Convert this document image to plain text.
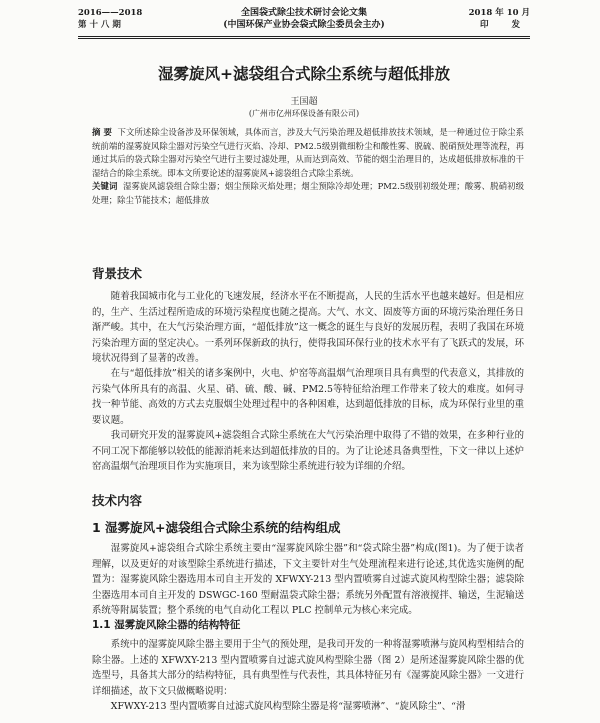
2016——2018
第 十 八 期
全国袋式除尘技术研讨会论文集
(中国环保产业协会袋式除尘委员会主办)
2018 年 10 月
印 发
湿雾旋风+滤袋组合式除尘系统与超低排放
王国超
(广州市亿州环保设备有限公司)
摘 要 下文所述除尘设备涉及环保领域，具体而言，涉及大气污染治理及超低排放技术领域，是一种通过位于除尘系统前端的湿雾旋风除尘器对污染空气进行灭焰、冷却、PM2.5级别微细粉尘和酸性雾、脱硫、脱硝预处理等流程，再通过其后的袋式除尘器对污染空气进行主要过滤处理，从而达到高效、节能的烟尘治理目的，达成超低排放标准的干湿结合的除尘系统。即本文所要论述的湿雾旋风+滤袋组合式除尘系统。
关键词 湿雾旋风滤袋组合除尘器；烟尘预除灭焰处理；烟尘预除冷却处理；PM2.5级别初级处理；酸雾、脱硝初级处理；除尘节能技术；超低排放
背景技术

随着我国城市化与工业化的飞速发展，经济水平在不断提高，人民的生活水平也越来越好。但是相应的，生产、生活过程所造成的环境污染程度也随之提高。大气、水文、固废等方面的环境污染治理任务日渐严峻。其中，在大气污染治理方面，“超低排放”这一概念的诞生与良好的发展历程，表明了我国在环境污染治理方面的坚定决心。一系列环保新政的执行，使得我国环保行业的技术水平有了飞跃式的发展，环境状况得到了显著的改善。

在与“超低排放”相关的诸多案例中，火电、炉窑等高温烟气治理项目具有典型的代表意义，其排放的污染气体所具有的高温、火星、硝、硫、酸、碱、PM2.5等特征给治理工作带来了较大的难度。如何寻找一种节能、高效的方式去克服烟尘处理过程中的各种困难，达到超低排放的目标，成为环保行业里的重要议题。

我司研究开发的湿雾旋风+滤袋组合式除尘系统在大气污染治理中取得了不错的效果，在多种行业的不同工况下都能够以较低的能源消耗来达到超低排放的目的。为了让论述具备典型性，下文一律以上述炉窑高温烟气治理项目作为实施项目，来为该型除尘系统进行较为详细的介绍。

技术内容
1 湿雾旋风+滤袋组合式除尘系统的结构组成

湿雾旋风+滤袋组合式除尘系统主要由“湿雾旋风除尘器”和“袋式除尘器”构成(图1)。为了便于读者理解，以及更好的对该型除尘系统进行描述，下文主要针对生气处理流程来进行论述,其优选实施例的配置为：湿雾旋风除尘器选用本司自主开发的 XFWXY-213 型内置喷雾自过滤式旋风构型除尘器；滤袋除尘器选用本司自主开发的 DSWGC-160 型耐温袋式除尘器；系统另外配置有溶液搅拌、输送，生泥输送系统等附属装置；整个系统的电气自动化工程以 PLC 控制单元为核心来完成。

1.1 湿雾旋风除尘器的结构特征

系统中的湿雾旋风除尘器主要用于尘气的预处理，是我司开发的一种将湿雾喷淋与旋风构型相结合的除尘器。上述的 XFWXY-213 型内置喷雾自过滤式旋风构型除尘器（图 2）是所述湿雾旋风除尘器的优选型号，具备其大部分的结构特征，具有典型性与代表性，其具体特征另有《湿雾旋风除尘器》一文进行详细描述，故下文只做概略说明：

XFWXY-213 型内置喷雾自过滤式旋风构型除尘器是将“湿雾喷淋”、“旋风除尘”、“滑
